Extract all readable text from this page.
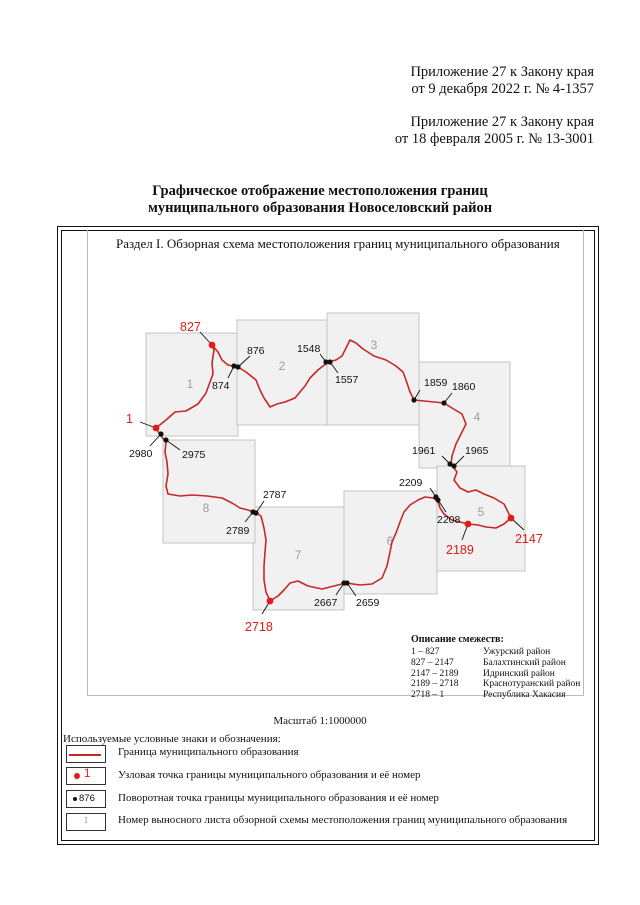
Приложение 27 к Закону края
от 9 декабря 2022 г. № 4-1357
Приложение 27 к Закону края
от 18 февраля 2005 г. № 13-3001
Графическое отображение местоположения границ
муниципального образования Новоселовский район
Раздел I. Обзорная схема местоположения границ муниципального образования
1
2
3
4
5
6
7
8
876
874
1548
1557	1859 1860
1961	1965
2209
2208
2980	2975
2787
2789
2667 2659
827
1
2718
2189
2147
Описание смежеств:
1 – 827	Ужурский район
827 – 2147	Балахтинский район
2147 – 2189	Идринский район
2189 – 2718	Краснотуранский район
2718 – 1	Республика Хакасия
Масштаб 1:1000000
Используемые условные знаки и обозначения:
Граница муниципального образования
1	Узловая точка границы муниципального образования и её номер
876 Поворотная точка границы муниципального образования и её номер
1	Номер выносного листа обзорной схемы местоположения границ муниципального образования
